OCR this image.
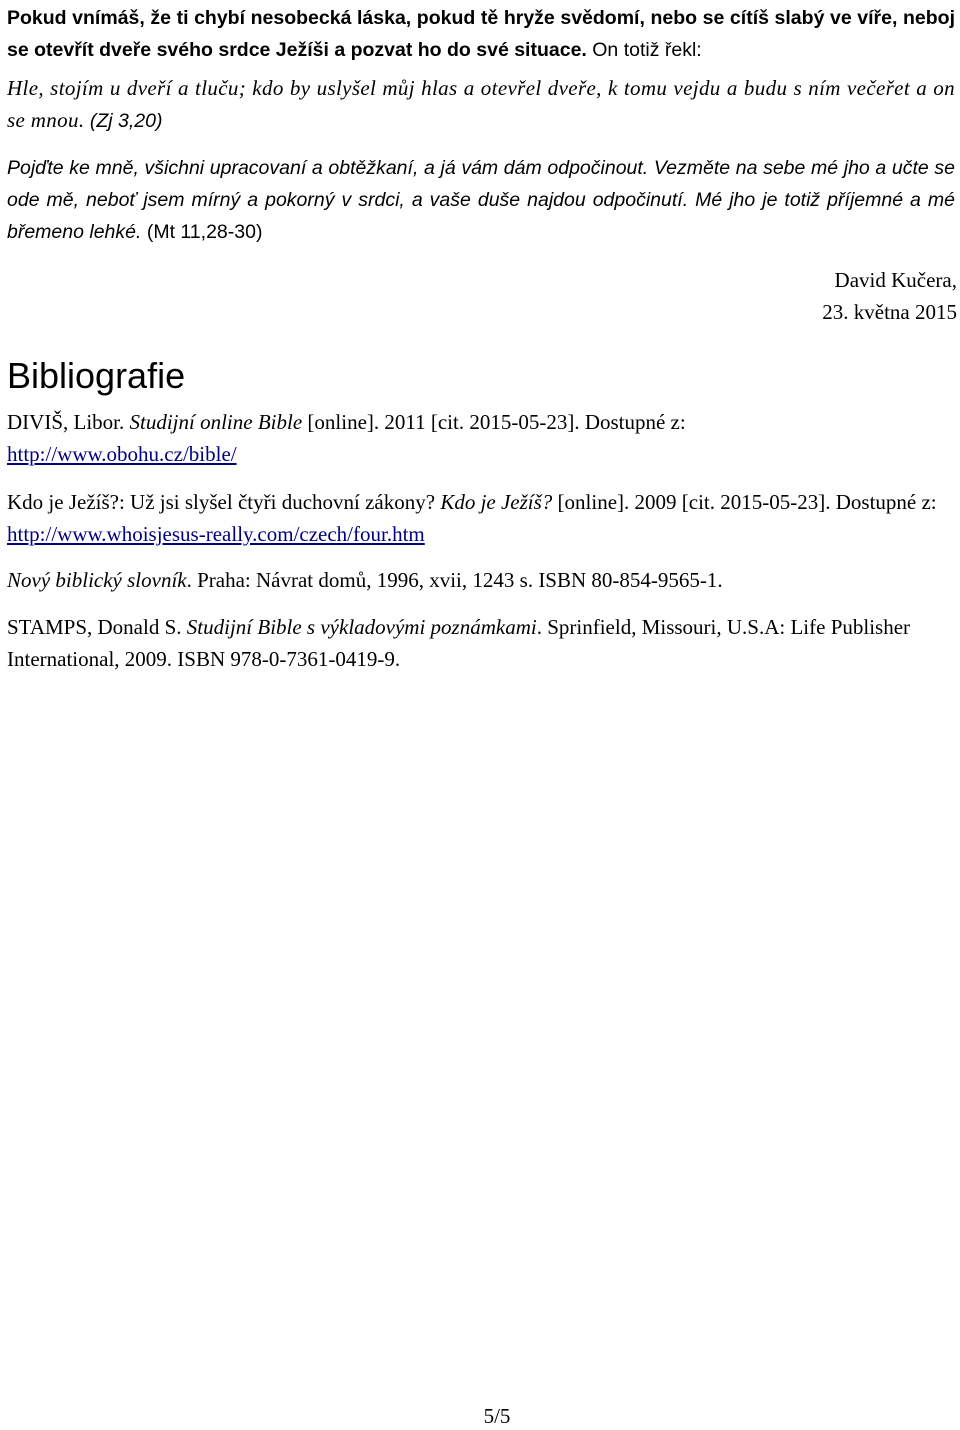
Pokud vnímáš, že ti chybí nesobecká láska, pokud tě hryže svědomí, nebo se cítíš slabý ve víře, neboj se otevřít dveře svého srdce Ježíši a pozvat ho do své situace. On totiž řekl:

Hle, stojím u dveří a tluču; kdo by uslyšel můj hlas a otevřel dveře, k tomu vejdu a budu s ním večeřet a on se mnou. (Zj 3,20)

Pojďte ke mně, všichni upracovaní a obtěžkaní, a já vám dám odpočinout. Vezměte na sebe mé jho a učte se ode mě, neboť jsem mírný a pokorný v srdci, a vaše duše najdou odpočinutí. Mé jho je totiž příjemné a mé břemeno lehké. (Mt 11,28-30)

David Kučera,
23. května 2015

Bibliografie

DIVIŠ, Libor. Studijní online Bible [online]. 2011 [cit. 2015-05-23]. Dostupné z:
http://www.obohu.cz/bible/

Kdo je Ježíš?: Už jsi slyšel čtyři duchovní zákony? Kdo je Ježíš? [online]. 2009 [cit. 2015-05-23]. Dostupné z: http://www.whoisjesus-really.com/czech/four.htm

Nový biblický slovník. Praha: Návrat domů, 1996, xvii, 1243 s. ISBN 80-854-9565-1.

STAMPS, Donald S. Studijní Bible s výkladovými poznámkami. Sprinfield, Missouri, U.S.A: Life Publisher International, 2009. ISBN 978-0-7361-0419-9.

5/5
